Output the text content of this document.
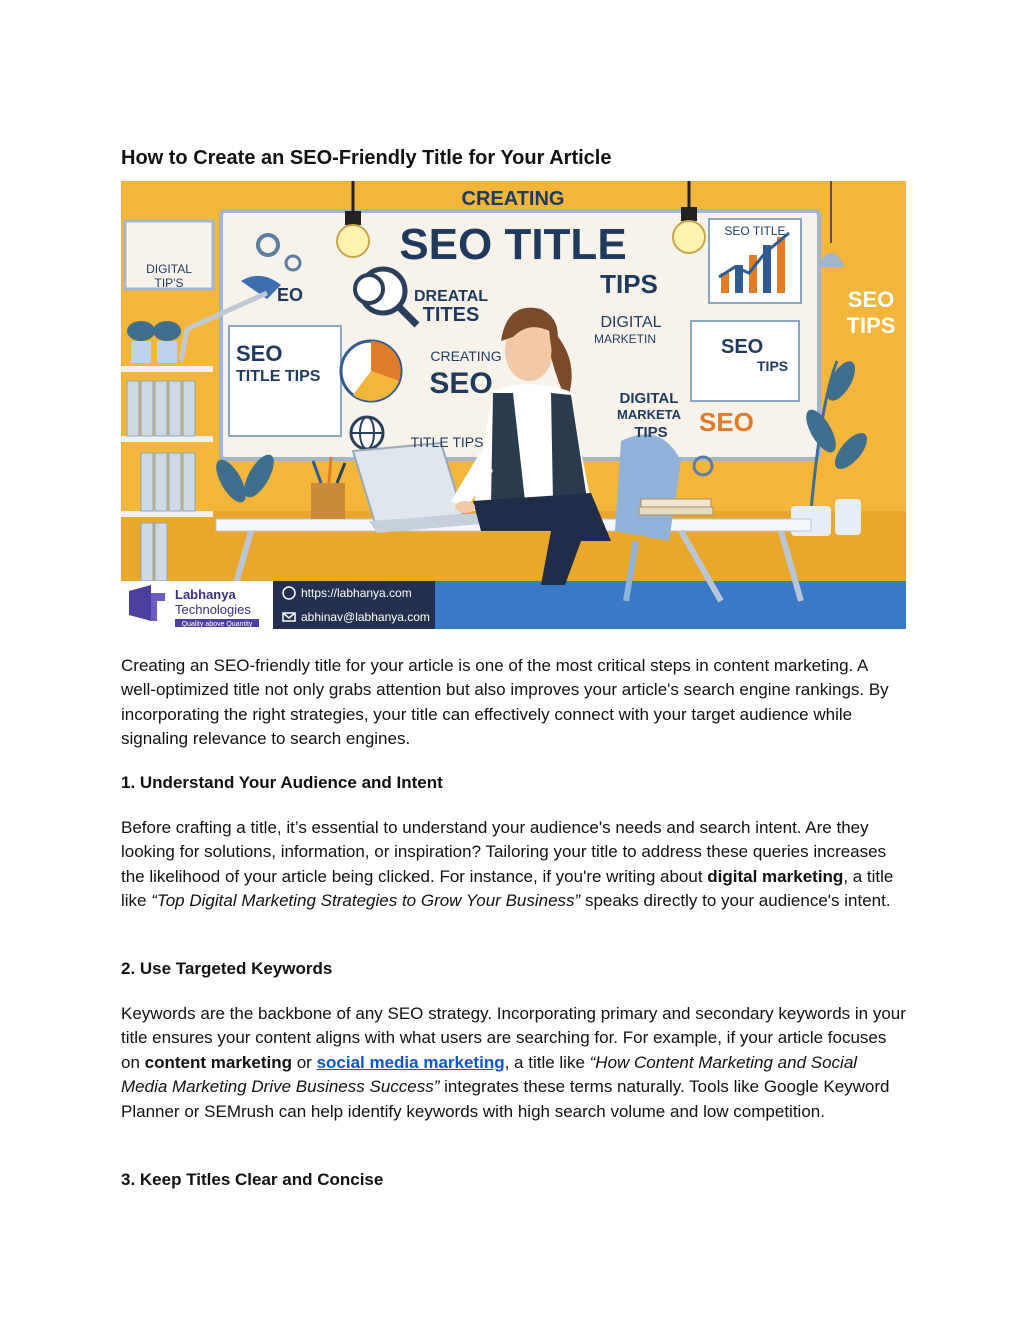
How to Create an SEO-Friendly Title for Your Article
CREATING
SEO TITLE
TIPS
SEO
TITLE TIPS
DREATAL
TITES
CREATING
SEO
TITLE TIPS
DIGITAL
MARKETIN
DIGITAL
MARKETA
TIPS
SEO TITLE
SEO
TIPS
SEO
SEO
TIPS
DIGITAL
TIP'S
EO
Labhanya
Technologies
Quality above Quantity
https://labhanya.com
abhinav@labhanya.com

Creating an SEO-friendly title for your article is one of the most critical steps in content marketing. A well-optimized title not only grabs attention but also improves your article's search engine rankings. By incorporating the right strategies, your title can effectively connect with your target audience while signaling relevance to search engines.

1. Understand Your Audience and Intent

Before crafting a title, it’s essential to understand your audience's needs and search intent. Are they looking for solutions, information, or inspiration? Tailoring your title to address these queries increases the likelihood of your article being clicked. For instance, if you're writing about digital marketing, a title like “Top Digital Marketing Strategies to Grow Your Business” speaks directly to your audience's intent.

2. Use Targeted Keywords

Keywords are the backbone of any SEO strategy. Incorporating primary and secondary keywords in your title ensures your content aligns with what users are searching for. For example, if your article focuses on content marketing or social media marketing, a title like “How Content Marketing and Social Media Marketing Drive Business Success” integrates these terms naturally. Tools like Google Keyword Planner or SEMrush can help identify keywords with high search volume and low competition.

3. Keep Titles Clear and Concise
